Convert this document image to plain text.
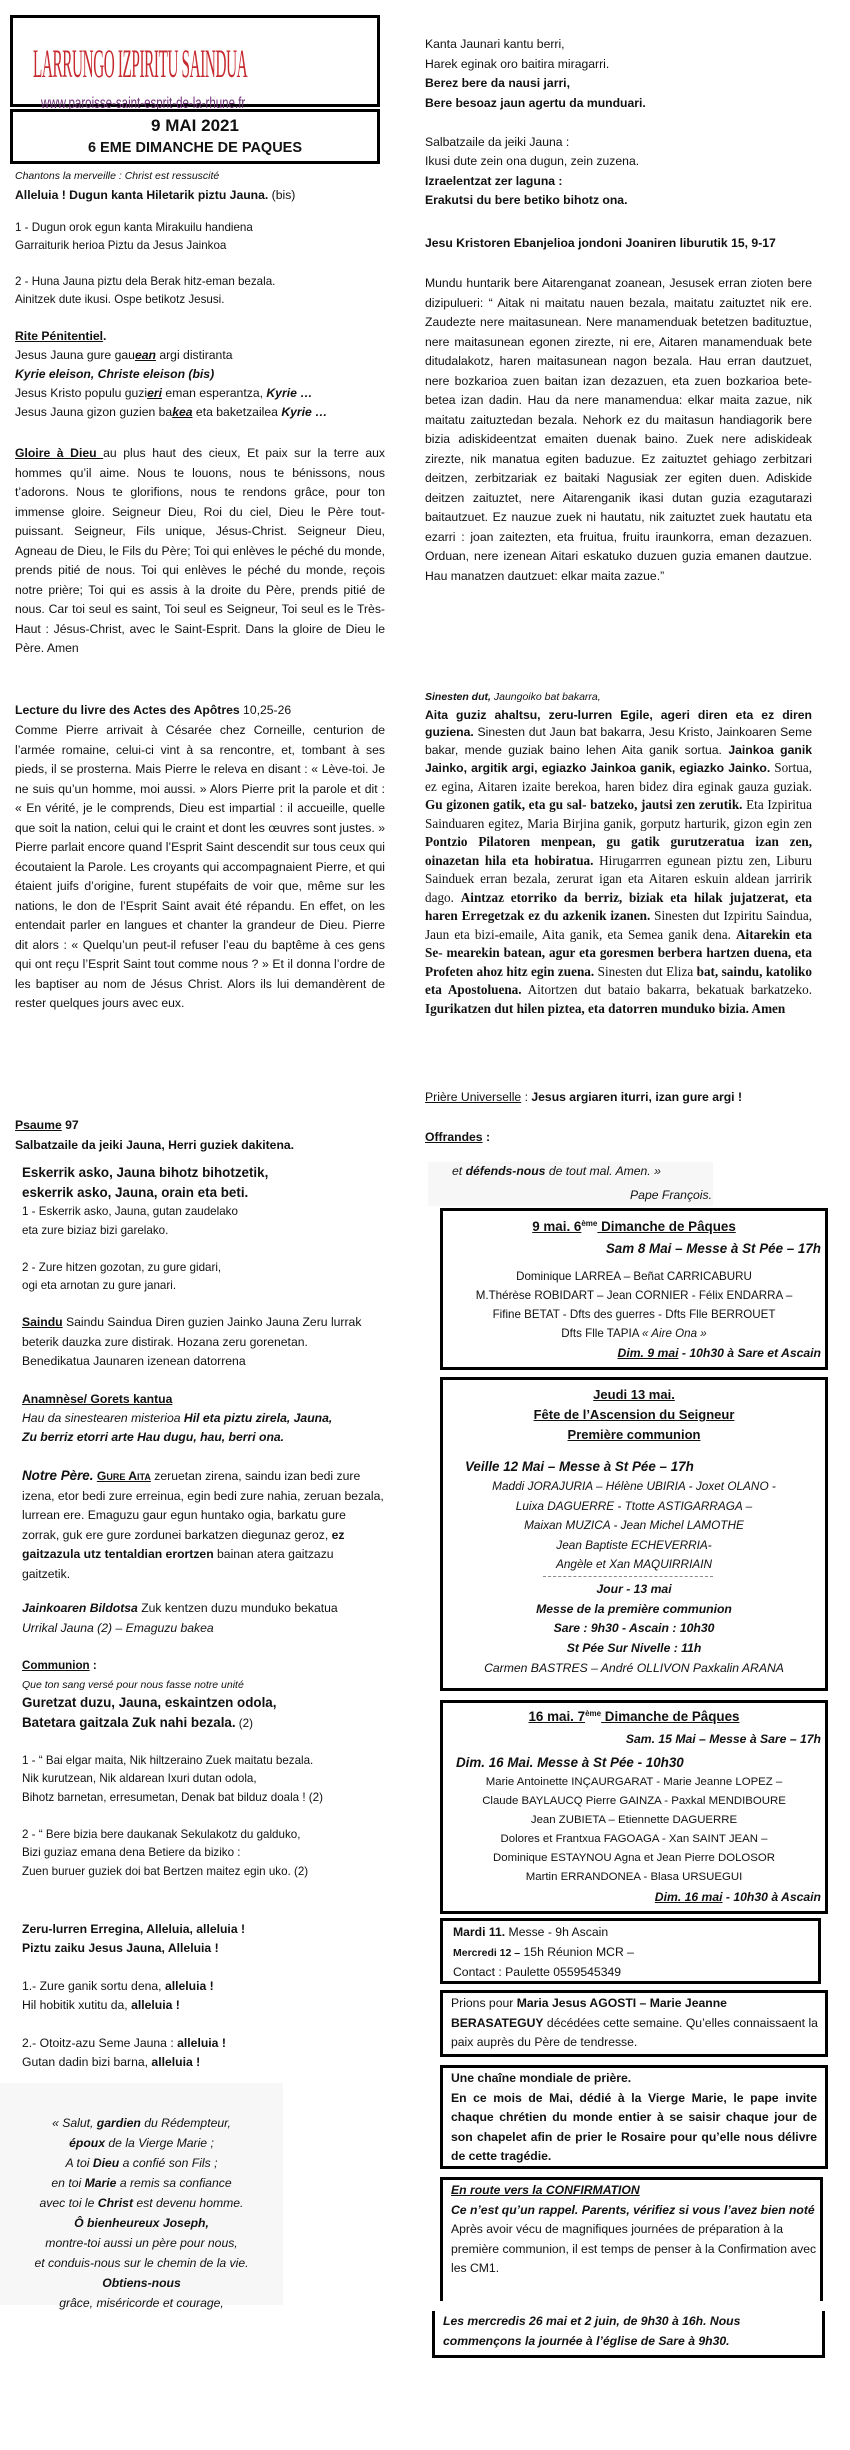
LARRUNGO IZPIRITU SAINDUA
www.paroisse-saint-esprit-de-la-rhune.fr
9 MAI 2021
6 EME DIMANCHE DE PAQUES
Chantons la merveille : Christ est ressuscité
Alleluia ! Dugun kanta Hiletarik piztu Jauna. (bis)
1 - Dugun orok egun kanta Mirakuilu handiena
Garraiturik herioa Piztu da Jesus Jainkoa

2 - Huna Jauna piztu dela Berak hitz-eman bezala.
Ainitzek dute ikusi. Ospe betikotz Jesusi.
Rite Pénitentiel.
Jesus Jauna gure gauean argi distiranta
Kyrie eleison, Christe eleison (bis)
Jesus Kristo populu guzieri eman esperantza, Kyrie …
Jesus Jauna gizon guzien bakea eta baketzailea Kyrie …
Gloire à Dieu au plus haut des cieux, Et paix sur la terre aux hommes qu’il aime. Nous te louons, nous te bénissons, nous t’adorons. Nous te glorifions, nous te rendons grâce, pour ton immense gloire. Seigneur Dieu, Roi du ciel, Dieu le Père tout-puissant. Seigneur, Fils unique, Jésus-Christ. Seigneur Dieu, Agneau de Dieu, le Fils du Père; Toi qui enlèves le péché du monde, prends pitié de nous. Toi qui enlèves le péché du monde, reçois notre prière; Toi qui es assis à la droite du Père, prends pitié de nous. Car toi seul es saint, Toi seul es Seigneur, Toi seul es le Très-Haut : Jésus-Christ, avec le Saint-Esprit. Dans la gloire de Dieu le Père. Amen
Lecture du livre des Actes des Apôtres 10,25-26
Comme Pierre arrivait à Césarée chez Corneille, centurion de l’armée romaine, celui-ci vint à sa rencontre, et, tombant à ses pieds, il se prosterna. Mais Pierre le releva en disant : « Lève-toi. Je ne suis qu’un homme, moi aussi. » Alors Pierre prit la parole et dit : « En vérité, je le comprends, Dieu est impartial : il accueille, quelle que soit la nation, celui qui le craint et dont les œuvres sont justes. » Pierre parlait encore quand l’Esprit Saint descendit sur tous ceux qui écoutaient la Parole. Les croyants qui accompagnaient Pierre, et qui étaient juifs d’origine, furent stupéfaits de voir que, même sur les nations, le don de l’Esprit Saint avait été répandu. En effet, on les entendait parler en langues et chanter la grandeur de Dieu. Pierre dit alors : « Quelqu’un peut-il refuser l’eau du baptême à ces gens qui ont reçu l’Esprit Saint tout comme nous ? » Et il donna l’ordre de les baptiser au nom de Jésus Christ. Alors ils lui demandèrent de rester quelques jours avec eux.
Psaume 97
Salbatzaile da jeiki Jauna, Herri guziek dakitena.
Eskerrik asko, Jauna bihotz bihotzetik,
eskerrik asko, Jauna, orain eta beti.
1 - Eskerrik asko, Jauna, gutan zaudelako
eta zure biziaz bizi garelako.

2 - Zure hitzen gozotan, zu gure gidari,
ogi eta arnotan zu gure janari.
Saindu Saindu Saindua Diren guzien Jainko Jauna Zeru lurrak beterik dauzka zure distirak. Hozana zeru gorenetan. Benedikatua Jaunaren izenean datorrena
Anamnèse/ Gorets kantua
Hau da sinestearen misterioa Hil eta piztu zirela, Jauna,
Zu berriz etorri arte Hau dugu, hau, berri ona.
Notre Père. Gure Aita zeruetan zirena, saindu izan bedi zure izena, etor bedi zure erreinua, egin bedi zure nahia, zeruan bezala, lurrean ere. Emaguzu gaur egun huntako ogia, barkatu gure zorrak, guk ere gure zordunei barkatzen diegunaz geroz, ez gaitzazula utz tentaldian erortzen bainan atera gaitzazu gaitzetik.
Jainkoaren Bildotsa Zuk kentzen duzu munduko bekatua Urrikal Jauna (2) – Emaguzu bakea
Communion :
Que ton sang versé pour nous fasse notre unité
Guretzat duzu, Jauna, eskaintzen odola,
Batetara gaitzala Zuk nahi bezala. (2)

1 - “ Bai elgar maita, Nik hiltzeraino Zuek maitatu bezala.
Nik kurutzean, Nik aldarean Ixuri dutan odola,
Bihotz barnetan, erresumetan, Denak bat bilduz doala ! (2)

2 - “ Bere bizia bere daukanak Sekulakotz du galduko,
Bizi guziaz emana dena Betiere da biziko :
Zuen buruer guziek doi bat Bertzen maitez egin uko. (2)
Zeru-lurren Erregina, Alleluia, alleluia !
Piztu zaiku Jesus Jauna, Alleluia !

1.- Zure ganik sortu dena, alleluia !
Hil hobitik xutitu da, alleluia !

2.- Otoitz-azu Seme Jauna : alleluia !
Gutan dadin bizi barna, alleluia !
« Salut, gardien du Rédempteur,
époux de la Vierge Marie ;
A toi Dieu a confié son Fils ;
en toi Marie a remis sa confiance
avec toi le Christ est devenu homme.
Ô bienheureux Joseph,
montre-toi aussi un père pour nous,
et conduis-nous sur le chemin de la vie.
Obtiens-nous
grâce, miséricorde et courage,
Kanta Jaunari kantu berri,
Harek eginak oro baitira miragarri.
Berez bere da nausi jarri,
Bere besoaz jaun agertu da munduari.

Salbatzaile da jeiki Jauna :
Ikusi dute zein ona dugun, zein zuzena.
Izraelentzat zer laguna :
Erakutsi du bere betiko bihotz ona.
Jesu Kristoren Ebanjelioa jondoni Joaniren liburutik 15, 9-17
Mundu huntarik bere Aitarenganat zoanean, Jesusek erran zioten bere dizipulueri: “ Aitak ni maitatu nauen bezala, maitatu zaituztet nik ere. Zaudezte nere maitasunean. Nere manamenduak betetzen badituztue, nere maitasunean egonen zirezte, ni ere, Aitaren manamenduak bete ditudalakotz, haren maitasunean nagon bezala. Hau erran dautzuet, nere bozkarioa zuen baitan izan dezazuen, eta zuen bozkarioa bete-betea izan dadin. Hau da nere manamendua: elkar maita zazue, nik maitatu zaituztedan bezala. Nehork ez du maitasun handiagorik bere bizia adiskideentzat emaiten duenak baino. Zuek nere adiskideak zirezte, nik manatua egiten baduzue. Ez zaituztet gehiago zerbitzari deitzen, zerbitzariak ez baitaki Nagusiak zer egiten duen. Adiskide deitzen zaituztet, nere Aitarenganik ikasi dutan guzia ezagutarazi baitautzuet. Ez nauzue zuek ni hautatu, nik zaituztet zuek hautatu eta ezarri : joan zaitezten, eta fruitua, fruitu iraunkorra, eman dezazuen. Orduan, nere izenean Aitari eskatuko duzuen guzia emanen dautzue. Hau manatzen dautzuet: elkar maita zazue.”
Sinesten dut, Jaungoiko bat bakarra,
Aita guziz ahaltsu, zeru-lurren Egile, ageri diren eta ez diren guziena. Sinesten dut Jaun bat bakarra, Jesu Kristo, Jainkoaren Seme bakar, mende guziak baino lehen Aita ganik sortua. Jainkoa ganik Jainko, argitik argi, egiazko Jainkoa ganik, egiazko Jainko. Sortua, ez egina, Aitaren izaite berekoa, haren bidez dira eginak gauza guziak. Gu gizonen gatik, eta gu sal- batzeko, jautsi zen zerutik. Eta Izpiritua Sainduaren egitez, Maria Birjina ganik, gorputz harturik, gizon egin zen Pontzio Pilatoren menpean, gu gatik gurutzeratua izan zen, oinazetan hila eta hobiratua. Hirugarrren egunean piztu zen, Liburu Sainduek erran bezala, zerurat igan eta Aitaren eskuin aldean jarririk dago. Aintzaz etorriko da berriz, biziak eta hilak jujatzerat, eta haren Erregetzak ez du azkenik izanen. Sinesten dut Izpiritu Saindua, Jaun eta bizi-emaile, Aita ganik, eta Semea ganik dena. Aitarekin eta Se- mearekin batean, agur eta goresmen berbera hartzen duena, eta Profeten ahoz hitz egin zuena. Sinesten dut Eliza bat, saindu, katoliko eta Apostoluena. Aitortzen dut bataio bakarra, bekatuak barkatzeko. Igurikatzen dut hilen piztea, eta datorren munduko bizia. Amen
Prière Universelle : Jesus argiaren iturri, izan gure argi !
Offrandes :
et défends-nous de tout mal. Amen. »
Pape François.
9 mai. 6ème Dimanche de Pâques
Sam 8 Mai – Messe à St Pée – 17h
Dominique LARREA – Beñat CARRICABURU
M.Thérèse ROBIDART – Jean CORNIER - Félix ENDARRA –
Fifine BETAT - Dfts des guerres - Dfts Flle BERROUET
Dfts Flle TAPIA « Aire Ona »
Dim. 9 mai - 10h30 à Sare et Ascain
Jeudi 13 mai.
Fête de l’Ascension du Seigneur
Première communion
Veille 12 Mai – Messe à St Pée – 17h
Maddi JORAJURIA – Hélène UBIRIA - Joxet OLANO -
Luixa DAGUERRE - Ttotte ASTIGARRAGA –
Maixan MUZICA - Jean Michel LAMOTHE
Jean Baptiste ECHEVERRIA-
Angèle et Xan MAQUIRRIAIN
Jour - 13 mai
Messe de la première communion
Sare : 9h30 - Ascain : 10h30
St Pée Sur Nivelle : 11h
Carmen BASTRES – André OLLIVON Paxkalin ARANA
16 mai. 7ème Dimanche de Pâques
Sam. 15 Mai – Messe à Sare – 17h
Dim. 16 Mai. Messe à St Pée - 10h30
Marie Antoinette INÇAURGARAT - Marie Jeanne LOPEZ –
Claude BAYLAUCQ Pierre GAINZA - Paxkal MENDIBOURE
Jean ZUBIETA – Etiennette DAGUERRE
Dolores et Frantxua FAGOAGA - Xan SAINT JEAN –
Dominique ESTAYNOU Agna et Jean Pierre DOLOSOR
Martin ERRANDONEA - Blasa URSUEGUI
Dim. 16 mai - 10h30 à Ascain
Mardi 11. Messe - 9h Ascain
Mercredi 12 – 15h Réunion MCR –
Contact : Paulette 0559545349
Prions pour Maria Jesus AGOSTI – Marie Jeanne BERASATEGUY décédées cette semaine. Qu’elles connaissaent la paix auprès du Père de tendresse.
Une chaîne mondiale de prière.
En ce mois de Mai, dédié à la Vierge Marie, le pape invite chaque chrétien du monde entier à se saisir chaque jour de son chapelet afin de prier le Rosaire pour qu’elle nous délivre de cette tragédie.
En route vers la CONFIRMATION
Ce n’est qu’un rappel. Parents, vérifiez si vous l’avez bien noté
Après avoir vécu de magnifiques journées de préparation à la première communion, il est temps de penser à la Confirmation avec les CM1.
Les mercredis 26 mai et 2 juin, de 9h30 à 16h. Nous commençons la journée à l’église de Sare à 9h30.
